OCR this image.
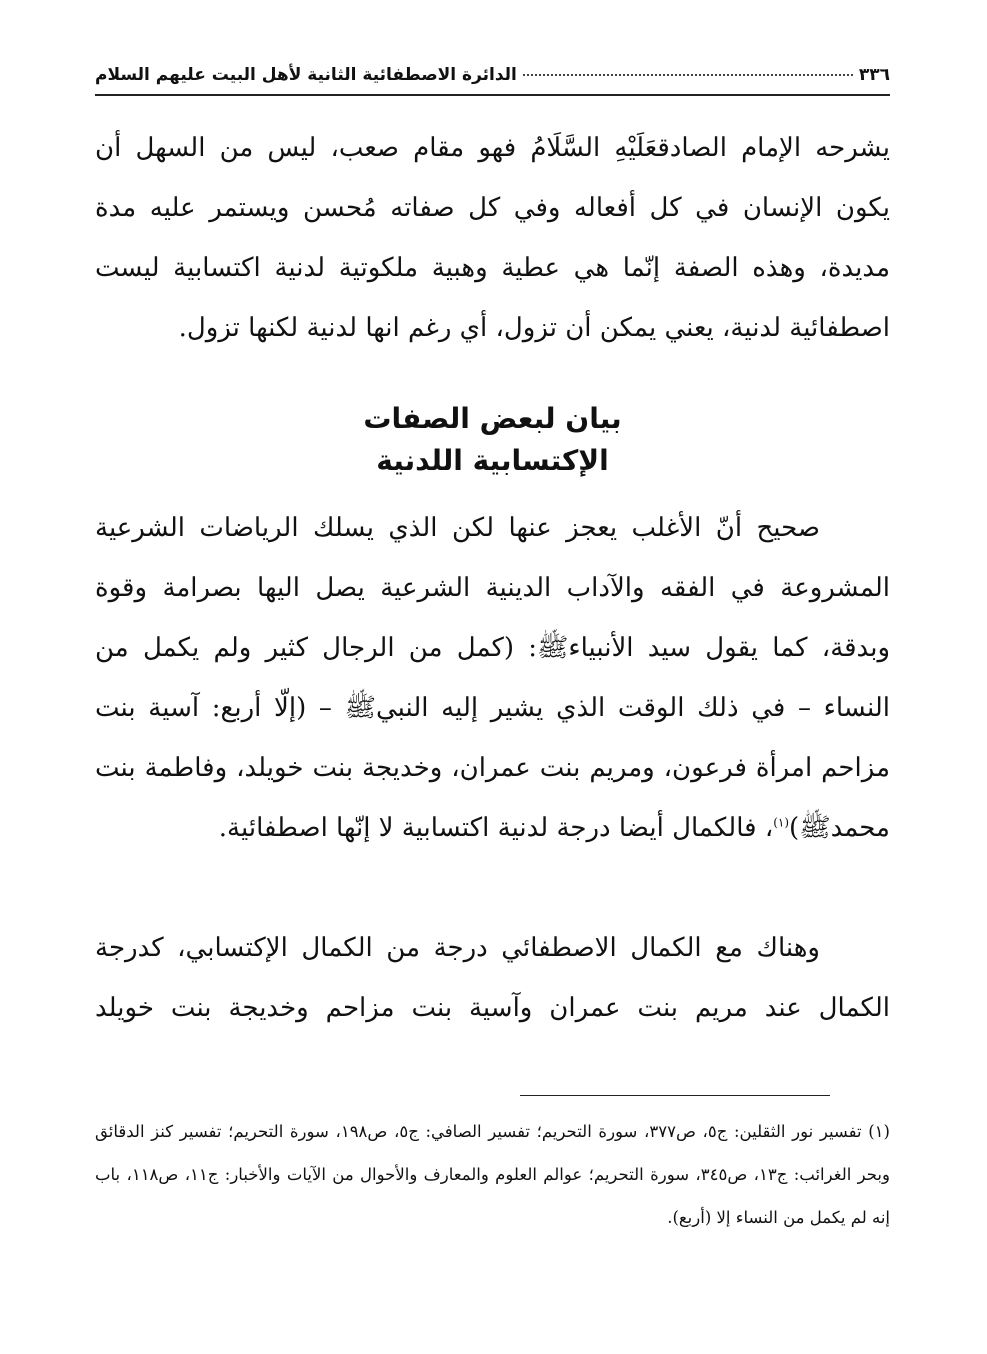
٣٣٦
الدائرة الاصطفائية الثانية لأهل البيت عليهم السلام

يشرحه الإمام الصادقعَلَيْهِ السَّلَامُ فهو مقام صعب، ليس من السهل أن يكون الإنسان في كل أفعاله وفي كل صفاته مُحسن ويستمر عليه مدة مديدة، وهذه الصفة إنّما هي عطية وهبية ملكوتية لدنية اكتسابية ليست اصطفائية لدنية، يعني يمكن أن تزول، أي رغم انها لدنية لكنها تزول.

بيان لبعض الصفات
الإكتسابية اللدنية

صحيح أنّ الأغلب يعجز عنها لكن الذي يسلك الرياضات الشرعية المشروعة في الفقه والآداب الدينية الشرعية يصل اليها بصرامة وقوة وبدقة، كما يقول سيد الأنبياءﷺ: (كمل من الرجال كثير ولم يكمل من النساء – في ذلك الوقت الذي يشير إليه النبيﷺ – (إلّا أربع: آسية بنت مزاحم امرأة فرعون، ومريم بنت عمران، وخديجة بنت خويلد، وفاطمة بنت محمدﷺ)$^{(١)}$، فالكمال أيضا درجة لدنية اكتسابية لا إنّها اصطفائية.

وهناك مع الكمال الاصطفائي درجة من الكمال الإكتسابي، كدرجة الكمال عند مريم بنت عمران وآسية بنت مزاحم وخديجة بنت خويلد

(١) تفسير نور الثقلين: ج٥، ص٣٧٧، سورة التحريم؛ تفسير الصافي: ج٥، ص١٩٨، سورة التحريم؛ تفسير كنز الدقائق وبحر الغرائب: ج١٣، ص٣٤٥، سورة التحريم؛ عوالم العلوم والمعارف والأحوال من الآيات والأخبار: ج١١، ص١١٨، باب إنه لم يكمل من النساء إلا (أربع).
